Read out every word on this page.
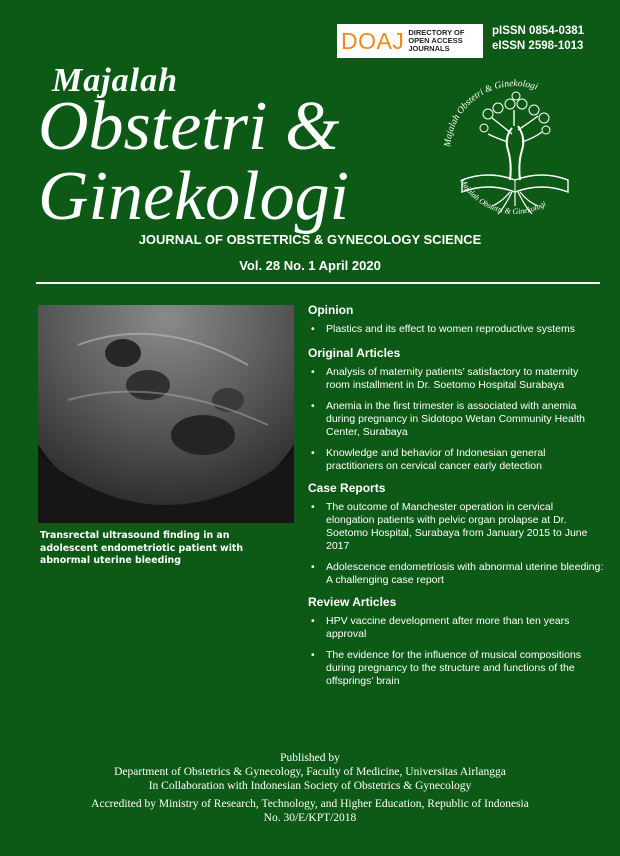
DOAJ DIRECTORY OF
OPEN ACCESS
JOURNALS
pISSN 0854-0381
eISSN 2598-1013
Majalah
Obstetri &
Ginekologi
Majalah Obstetri & Ginekologi
Majalah Obstetri & Ginekologi
JOURNAL OF OBSTETRICS & GYNECOLOGY SCIENCE
Vol. 28 No. 1 April 2020
Transrectal ultrasound finding in an adolescent endometriotic patient with abnormal uterine bleeding
Opinion
• Plastics and its effect to women reproductive systems
Original Articles
• Analysis of maternity patients’ satisfactory to maternity room installment in Dr. Soetomo Hospital Surabaya
• Anemia in the first trimester is associated with anemia during pregnancy in Sidotopo Wetan Community Health Center, Surabaya
• Knowledge and behavior of Indonesian general practitioners on cervical cancer early detection
Case Reports
• The outcome of Manchester operation in cervical elongation patients with pelvic organ prolapse at Dr. Soetomo Hospital, Surabaya from January 2015 to June 2017
• Adolescence endometriosis with abnormal uterine bleeding: A challenging case report
Review Articles
• HPV vaccine development after more than ten years approval
• The evidence for the influence of musical compositions during pregnancy to the structure and functions of the offsprings’ brain
Published by
Department of Obstetrics & Gynecology, Faculty of Medicine, Universitas Airlangga
In Collaboration with Indonesian Society of Obstetrics & Gynecology
Accredited by Ministry of Research, Technology, and Higher Education, Republic of Indonesia
No. 30/E/KPT/2018
